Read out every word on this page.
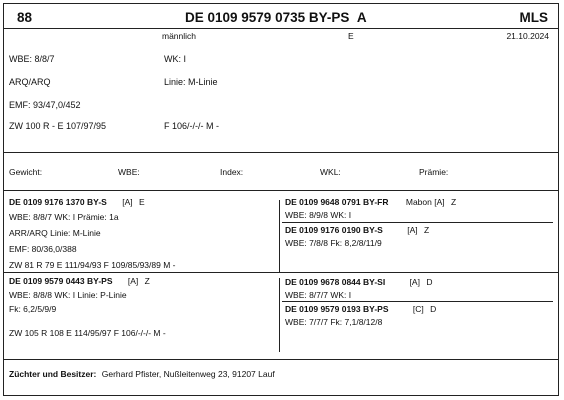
88	DE 0109 9579 0735 BY-PS A	MLS
männlich	E	21.10.2024
WBE: 8/8/7	WK: I
ARQ/ARQ	Linie: M-Linie
EMF: 93/47,0/452
ZW 100 R - E 107/97/95	F 106/-/-/- M -
Gewicht:	WBE:	Index:	WKL:	Prämie:
DE 0109 9176 1370 BY-S [A] E
WBE: 8/8/7 WK: I Prämie: 1a
ARR/ARQ Linie: M-Linie
EMF: 80/36,0/388
ZW 81 R 79 E 111/94/93 F 109/85/93/89 M -
DE 0109 9648 0791 BY-FR Mabon [A] Z
WBE: 8/9/8 WK: I
DE 0109 9176 0190 BY-S	[A] Z
WBE: 7/8/8 Fk: 8,2/8/11/9
DE 0109 9579 0443 BY-PS [A] Z
WBE: 8/8/8 WK: I Linie: P-Linie
Fk: 6,2/5/9/9
ZW 105 R 108 E 114/95/97 F 106/-/-/- M -
DE 0109 9678 0844 BY-SI	[A] D
WBE: 8/7/7 WK: I
DE 0109 9579 0193 BY-PS	[C] D
WBE: 7/7/7 Fk: 7,1/8/12/8
Züchter und Besitzer: Gerhard Pfister, Nußleitenweg 23, 91207 Lauf
